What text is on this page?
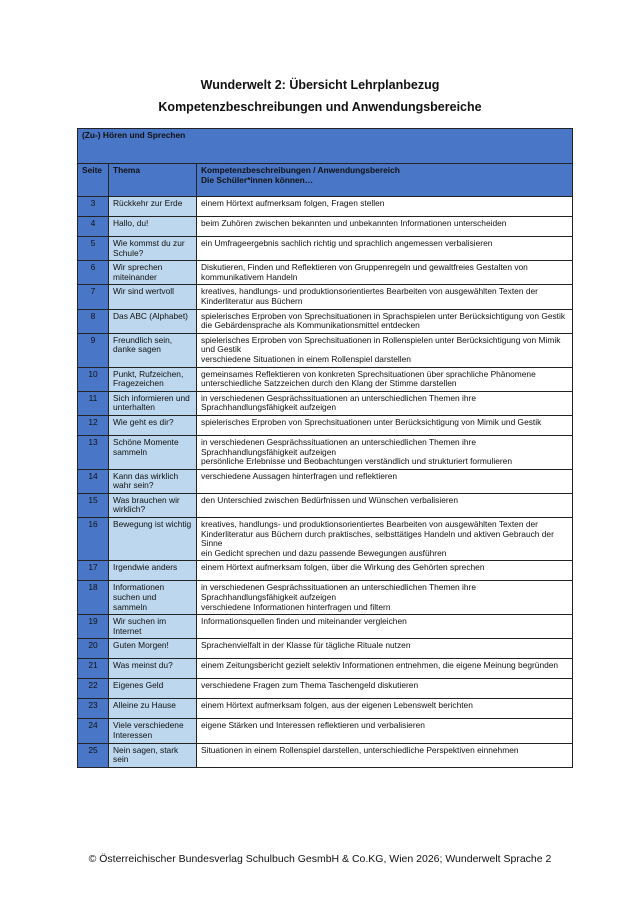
Wunderwelt 2: Übersicht Lehrplanbezug
Kompetenzbeschreibungen und Anwendungsbereiche
(Zu-) Hören und Sprechen		
Seite	Thema	Kompetenzbeschreibungen / Anwendungsbereich
Die Schüler*innen können…

3	Rückkehr zur Erde	einem Hörtext aufmerksam folgen, Fragen stellen
4	Hallo, du!	beim Zuhören zwischen bekannten und unbekannten Informationen unterscheiden
5	Wie kommst du zur Schule?	ein Umfrageergebnis sachlich richtig und sprachlich angemessen verbalisieren
6	Wir sprechen miteinander	Diskutieren, Finden und Reflektieren von Gruppenregeln und gewaltfreies Gestalten von kommunikativem Handeln
7	Wir sind wertvoll	kreatives, handlungs- und produktionsorientiertes Bearbeiten von ausgewählten Texten der Kinderliteratur aus Büchern
8	Das ABC (Alphabet)	spielerisches Erproben von Sprechsituationen in Sprachspielen unter Berücksichtigung von Gestik
die Gebärdensprache als Kommunikationsmittel entdecken
9	Freundlich sein, danke sagen	spielerisches Erproben von Sprechsituationen in Rollenspielen unter Berücksichtigung von Mimik und Gestik
verschiedene Situationen in einem Rollenspiel darstellen
10	Punkt, Rufzeichen, Fragezeichen	gemeinsames Reflektieren von konkreten Sprechsituationen über sprachliche Phänomene
unterschiedliche Satzzeichen durch den Klang der Stimme darstellen
11	Sich informieren und unterhalten	in verschiedenen Gesprächssituationen an unterschiedlichen Themen ihre Sprachhandlungsfähigkeit aufzeigen
12	Wie geht es dir?	spielerisches Erproben von Sprechsituationen unter Berücksichtigung von Mimik und Gestik
13	Schöne Momente sammeln	in verschiedenen Gesprächssituationen an unterschiedlichen Themen ihre Sprachhandlungsfähigkeit aufzeigen
persönliche Erlebnisse und Beobachtungen verständlich und strukturiert formulieren
14	Kann das wirklich wahr sein?	verschiedene Aussagen hinterfragen und reflektieren
15	Was brauchen wir wirklich?	den Unterschied zwischen Bedürfnissen und Wünschen verbalisieren
16	Bewegung ist wichtig	kreatives, handlungs- und produktionsorientiertes Bearbeiten von ausgewählten Texten der Kinderliteratur aus Büchern durch praktisches, selbsttätiges Handeln und aktiven Gebrauch der Sinne
ein Gedicht sprechen und dazu passende Bewegungen ausführen
17	Irgendwie anders	einem Hörtext aufmerksam folgen, über die Wirkung des Gehörten sprechen
18	Informationen suchen und sammeln	in verschiedenen Gesprächssituationen an unterschiedlichen Themen ihre Sprachhandlungsfähigkeit aufzeigen
verschiedene Informationen hinterfragen und filtern
19	Wir suchen im Internet	Informationsquellen finden und miteinander vergleichen
20	Guten Morgen!	Sprachenvielfalt in der Klasse für tägliche Rituale nutzen
21	Was meinst du?	einem Zeitungsbericht gezielt selektiv Informationen entnehmen, die eigene Meinung begründen
22	Eigenes Geld	verschiedene Fragen zum Thema Taschengeld diskutieren
23	Alleine zu Hause	einem Hörtext aufmerksam folgen, aus der eigenen Lebenswelt berichten
24	Viele verschiedene Interessen	eigene Stärken und Interessen reflektieren und verbalisieren
25	Nein sagen, stark sein	Situationen in einem Rollenspiel darstellen, unterschiedliche Perspektiven einnehmen
© Österreichischer Bundesverlag Schulbuch GesmbH & Co.KG, Wien 2026; Wunderwelt Sprache 2
